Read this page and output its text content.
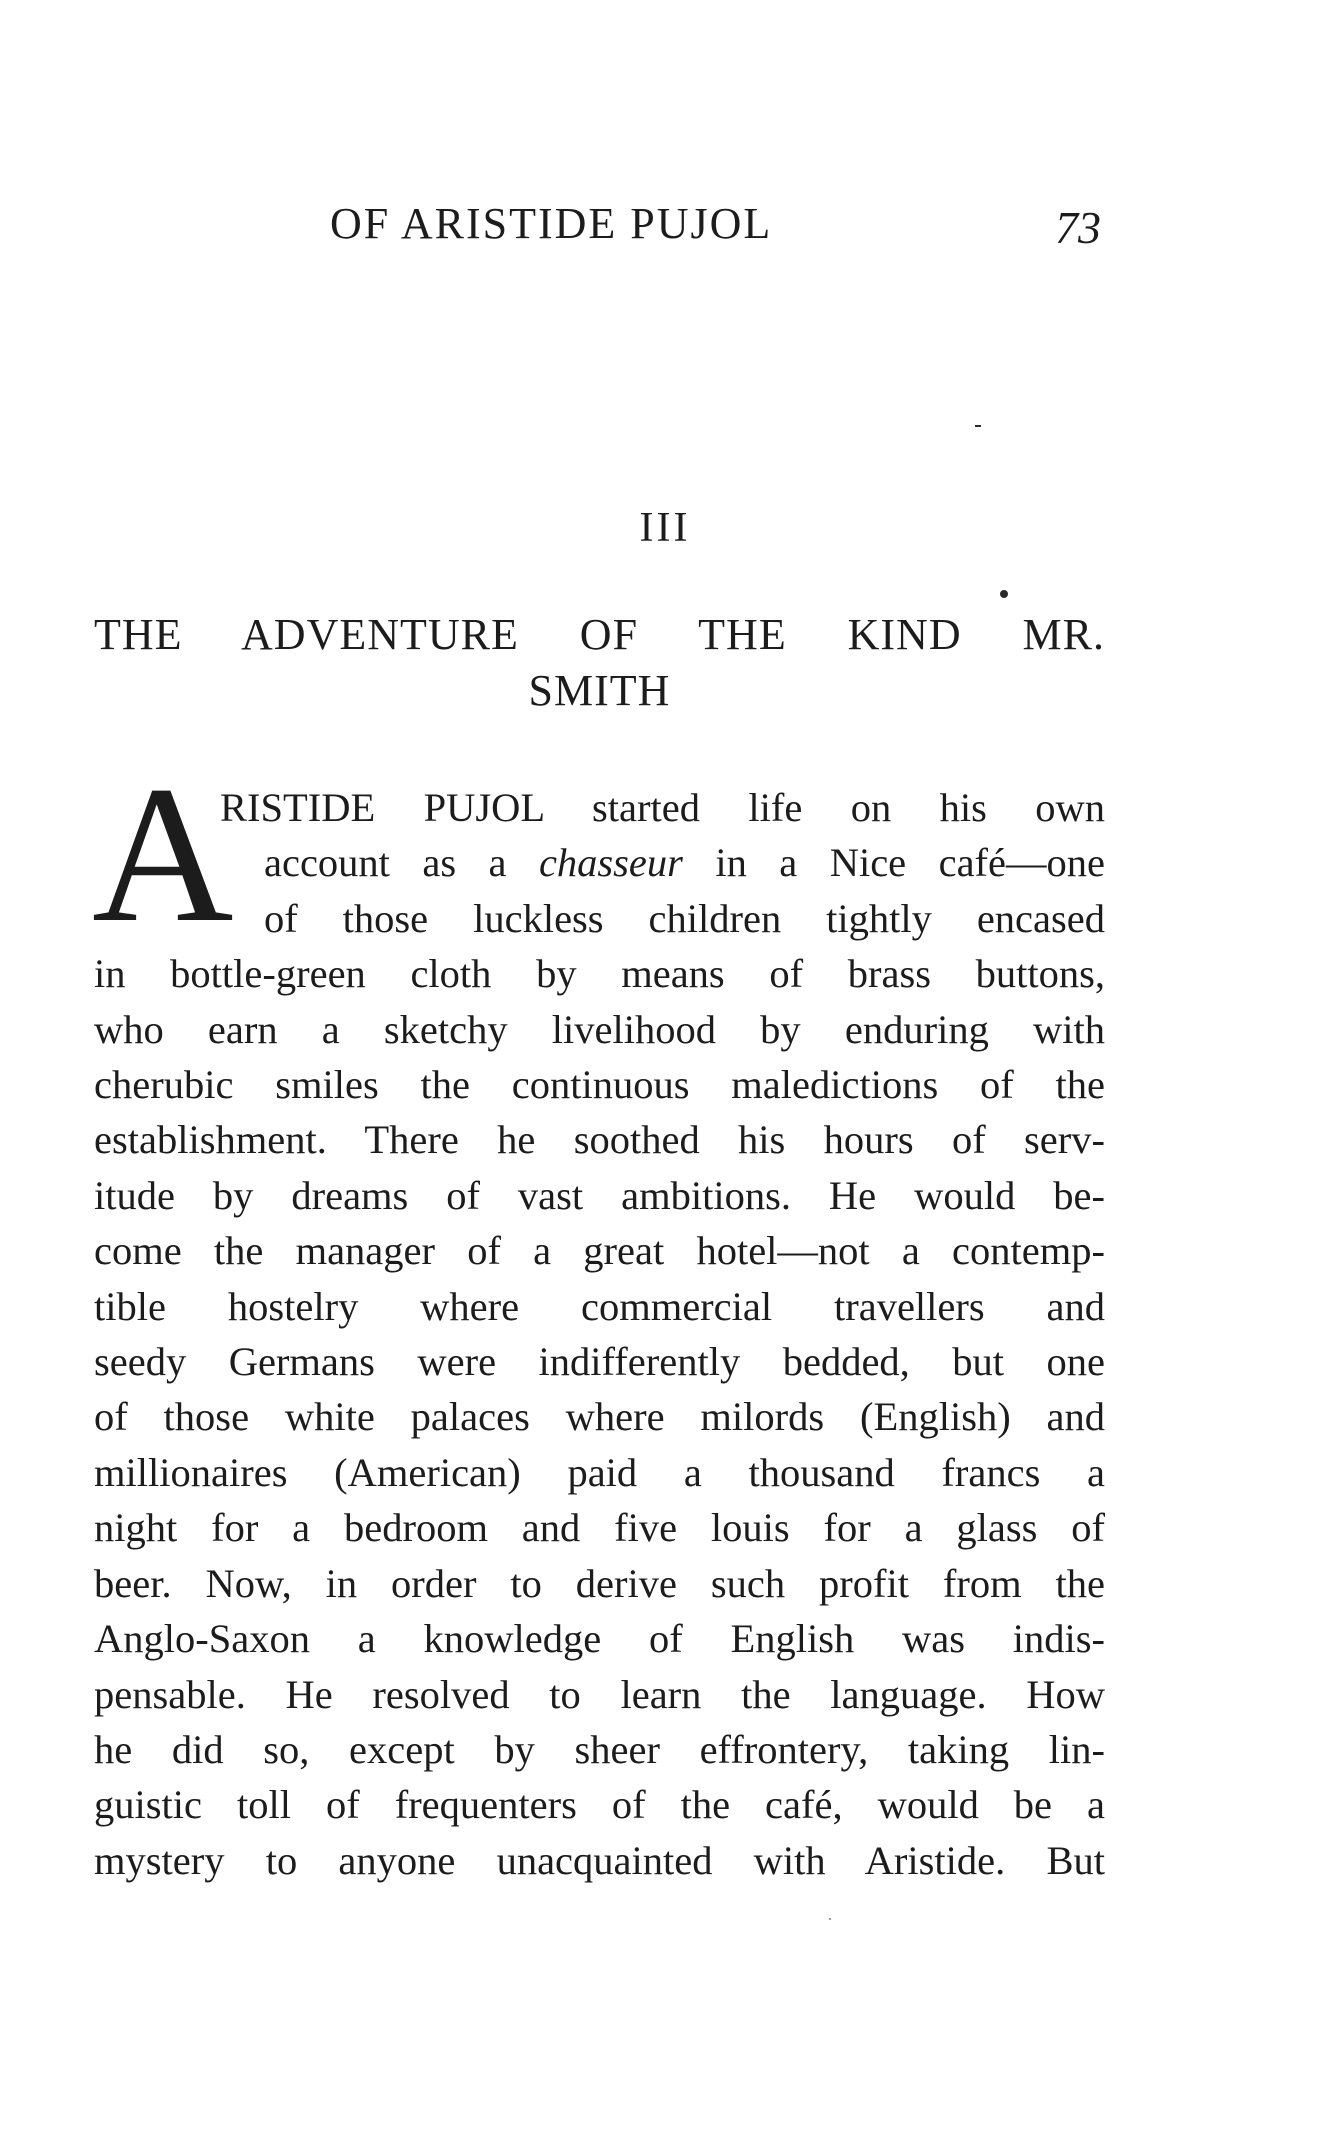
OF ARISTIDE PUJOL	73
III
THE ADVENTURE OF THE KIND MR.
SMITH
A
RISTIDE PUJOL started life on his own
account as a chasseur in a Nice café—one
of those luckless children tightly encased
in bottle-green cloth by means of brass buttons,
who earn a sketchy livelihood by enduring with
cherubic smiles the continuous maledictions of the
establishment. There he soothed his hours of serv-
itude by dreams of vast ambitions. He would be-
come the manager of a great hotel—not a contemp-
tible hostelry where commercial travellers and
seedy Germans were indifferently bedded, but one
of those white palaces where milords (English) and
millionaires (American) paid a thousand francs a
night for a bedroom and five louis for a glass of
beer. Now, in order to derive such profit from the
Anglo-Saxon a knowledge of English was indis-
pensable. He resolved to learn the language. How
he did so, except by sheer effrontery, taking lin-
guistic toll of frequenters of the café, would be a
mystery to anyone unacquainted with Aristide. But
